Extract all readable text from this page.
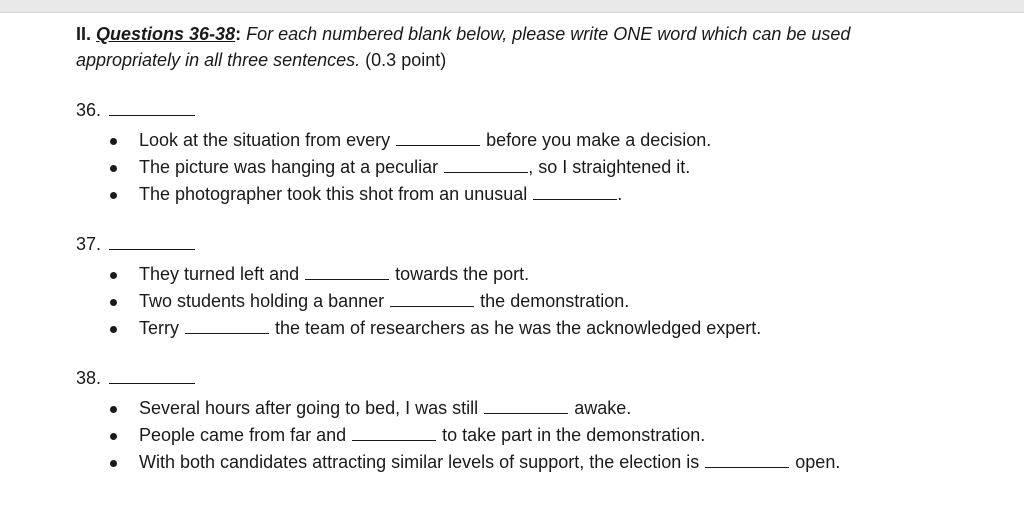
II. Questions 36-38: For each numbered blank below, please write ONE word which can be used appropriately in all three sentences. (0.3 point)
36.
Look at the situation from every	before you make a decision.
The picture was hanging at a peculiar	, so I straightened it.
The photographer took this shot from an unusual	.
37.
They turned left and	towards the port.
Two students holding a banner	the demonstration.
Terry	the team of researchers as he was the acknowledged expert.
38.
Several hours after going to bed, I was still	awake.
People came from far and	to take part in the demonstration.
With both candidates attracting similar levels of support, the election is	open.
